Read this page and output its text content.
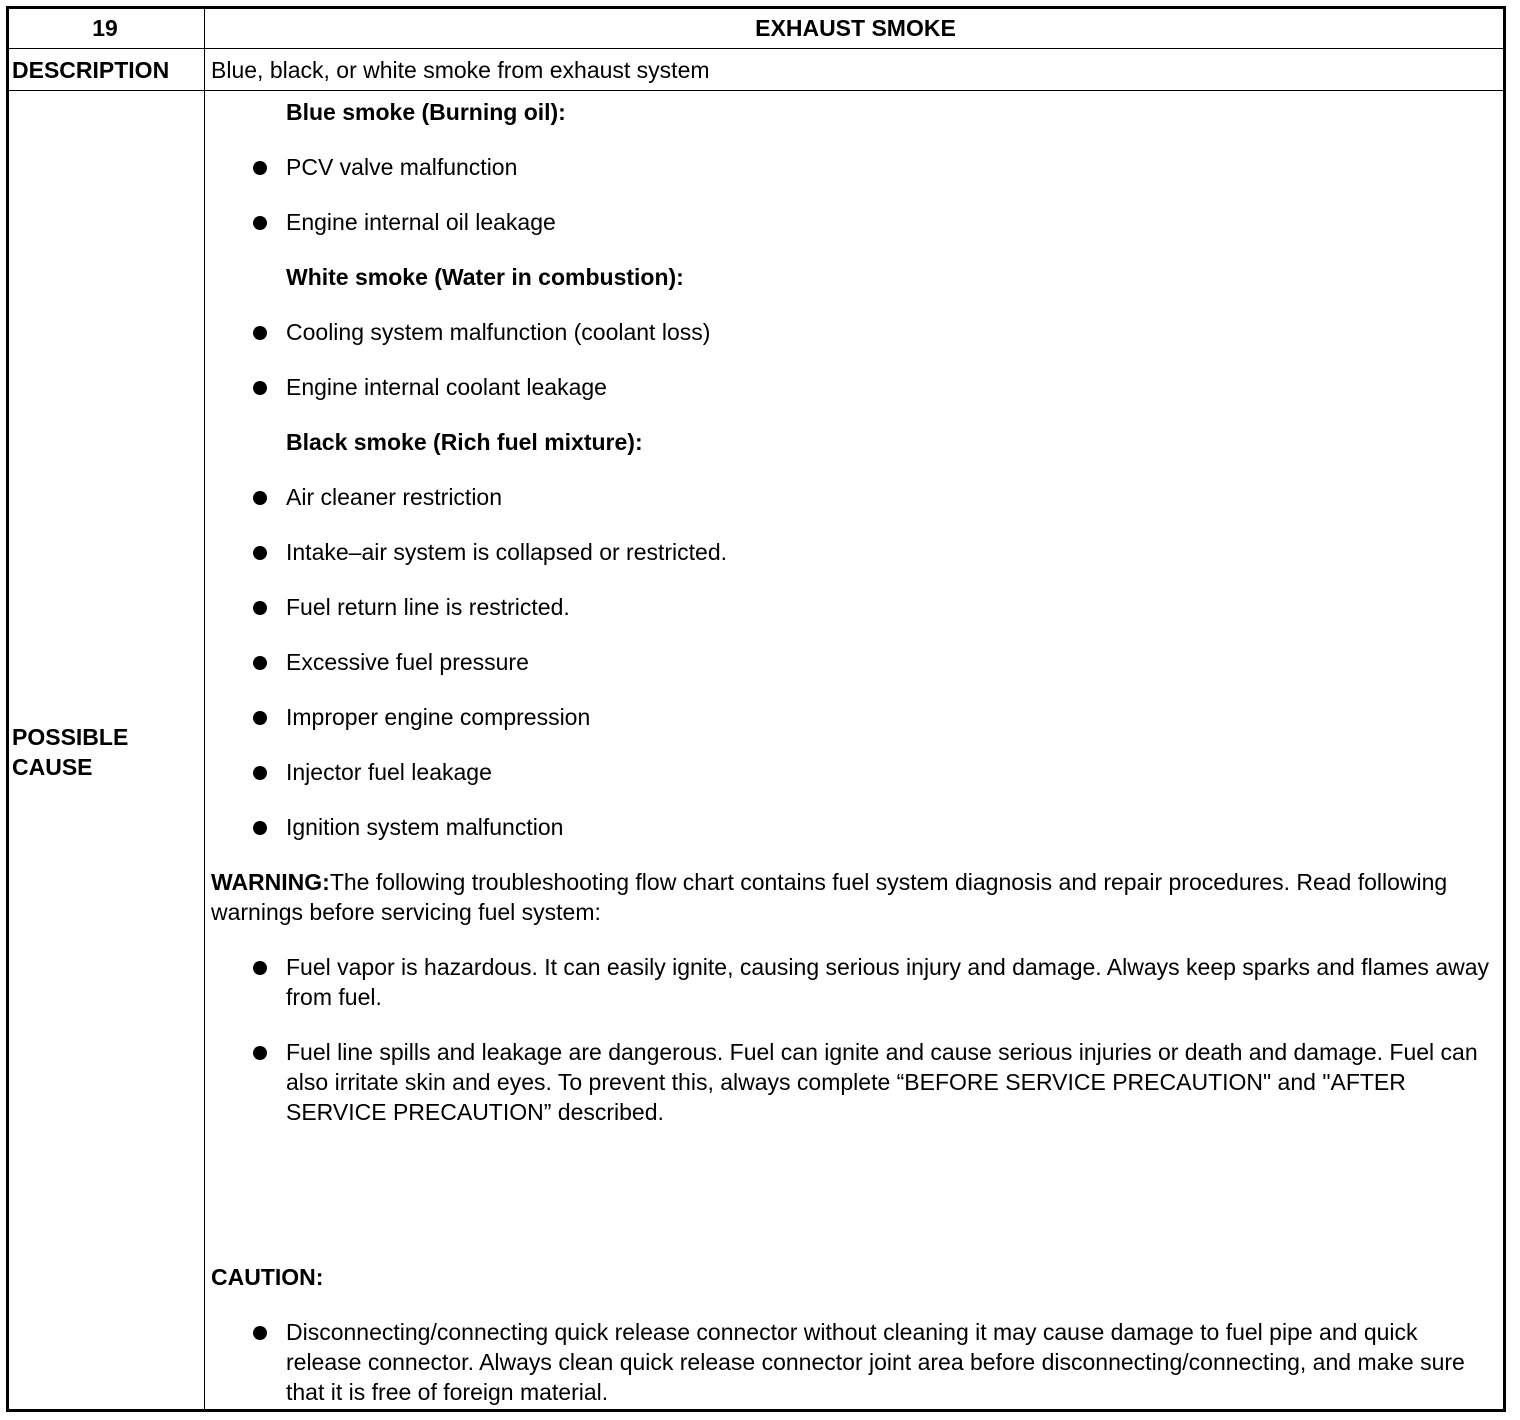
19	EXHAUST SMOKE
DESCRIPTION Blue, black, or white smoke from exhaust system
POSSIBLE
CAUSE
Blue smoke (Burning oil):
PCV valve malfunction
Engine internal oil leakage
White smoke (Water in combustion):
Cooling system malfunction (coolant loss)
Engine internal coolant leakage
Black smoke (Rich fuel mixture):
Air cleaner restriction
Intake–air system is collapsed or restricted.
Fuel return line is restricted.
Excessive fuel pressure
Improper engine compression
Injector fuel leakage
Ignition system malfunction
WARNING:The following troubleshooting flow chart contains fuel system diagnosis and repair procedures. Read following warnings before servicing fuel system:
Fuel vapor is hazardous. It can easily ignite, causing serious injury and damage. Always keep sparks and flames away from fuel.
Fuel line spills and leakage are dangerous. Fuel can ignite and cause serious injuries or death and damage. Fuel can also irritate skin and eyes. To prevent this, always complete “BEFORE SERVICE PRECAUTION" and "AFTER SERVICE PRECAUTION” described.
CAUTION:
Disconnecting/connecting quick release connector without cleaning it may cause damage to fuel pipe and quick release connector. Always clean quick release connector joint area before disconnecting/connecting, and make sure that it is free of foreign material.
